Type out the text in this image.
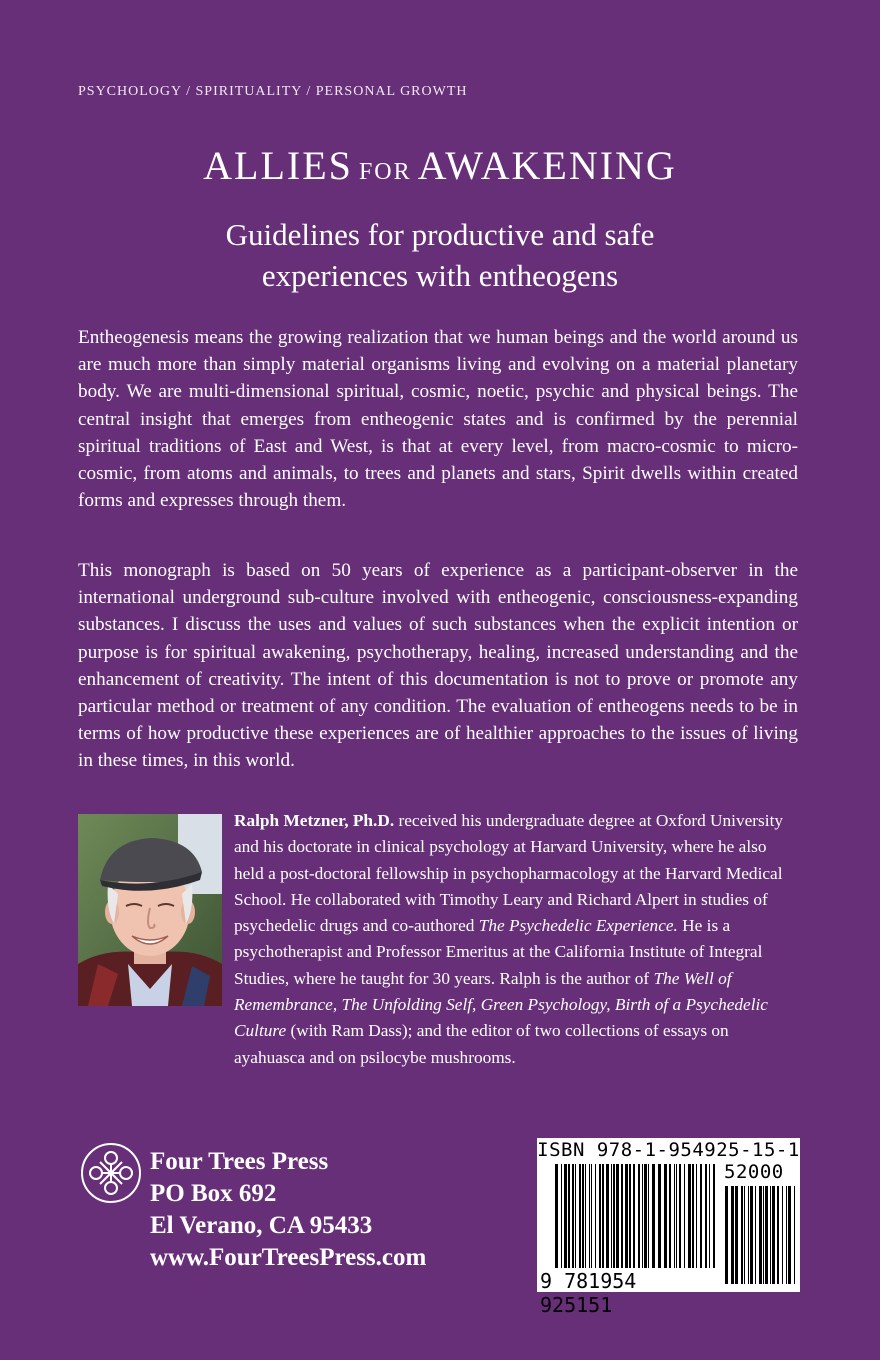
PSYCHOLOGY / SPIRITUALITY / PERSONAL GROWTH
ALLIES FOR AWAKENING
Guidelines for productive and safe
experiences with entheogens
Entheogenesis means the growing realization that we human beings and the world around us are much more than simply material organisms living and evolving on a material planetary body. We are multi-dimensional spiritual, cosmic, noetic, psychic and physical beings. The central insight that emerges from entheogenic states and is confirmed by the perennial spiritual traditions of East and West, is that at every level, from macro-cosmic to micro-cosmic, from atoms and animals, to trees and planets and stars, Spirit dwells within created forms and expresses through them.
This monograph is based on 50 years of experience as a participant-observer in the international underground sub-culture involved with entheogenic, consciousness-expanding substances. I discuss the uses and values of such substances when the explicit intention or purpose is for spiritual awakening, psychotherapy, healing, increased understanding and the enhancement of creativity. The intent of this documentation is not to prove or promote any particular method or treatment of any condition. The evaluation of entheogens needs to be in terms of how productive these experiences are of healthier approaches to the issues of living in these times, in this world.
Ralph Metzner, Ph.D. received his undergraduate degree at Oxford University and his doctorate in clinical psychology at Harvard University, where he also held a post-doctoral fellowship in psychopharmacology at the Harvard Medical School. He collaborated with Timothy Leary and Richard Alpert in studies of psychedelic drugs and co-authored The Psychedelic Experience. He is a psychotherapist and Professor Emeritus at the California Institute of Integral Studies, where he taught for 30 years. Ralph is the author of The Well of Remembrance, The Unfolding Self, Green Psychology, Birth of a Psychedelic Culture (with Ram Dass); and the editor of two collections of essays on ayahuasca and on psilocybe mushrooms.
Four Trees Press
PO Box 692
El Verano, CA 95433
www.FourTreesPress.com
ISBN 978-1-954925-15-1
52000
9 781954 925151
